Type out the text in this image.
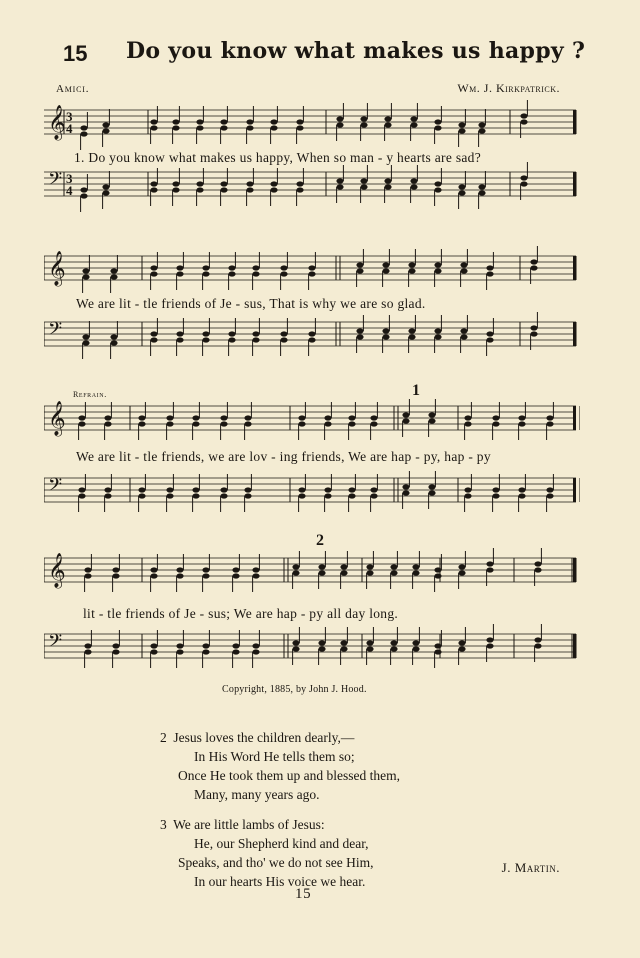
15 Do you know what makes us happy ?
Amici.	Wm. J. Kirkpatrick.
𝄞 3
4
𝄢 3
4
𝄞
𝄢
Refrain.
𝄞
𝄢
1
𝄞
𝄢
2
1. Do you know what makes us happy, When so man - y hearts are sad?
We are lit - tle friends of Je - sus, That is why we are so glad.
We are lit - tle friends, we are lov - ing friends, We are hap - py, hap - py
lit - tle friends of Je - sus; We are hap - py all day long.
Copyright, 1885, by John J. Hood.
2 Jesus loves the children dearly,—
In His Word He tells them so;
Once He took them up and blessed them,
Many, many years ago.
3 We are little lambs of Jesus:
He, our Shepherd kind and dear,
Speaks, and tho' we do not see Him,
In our hearts His voice we hear.
J. Martin.
15
